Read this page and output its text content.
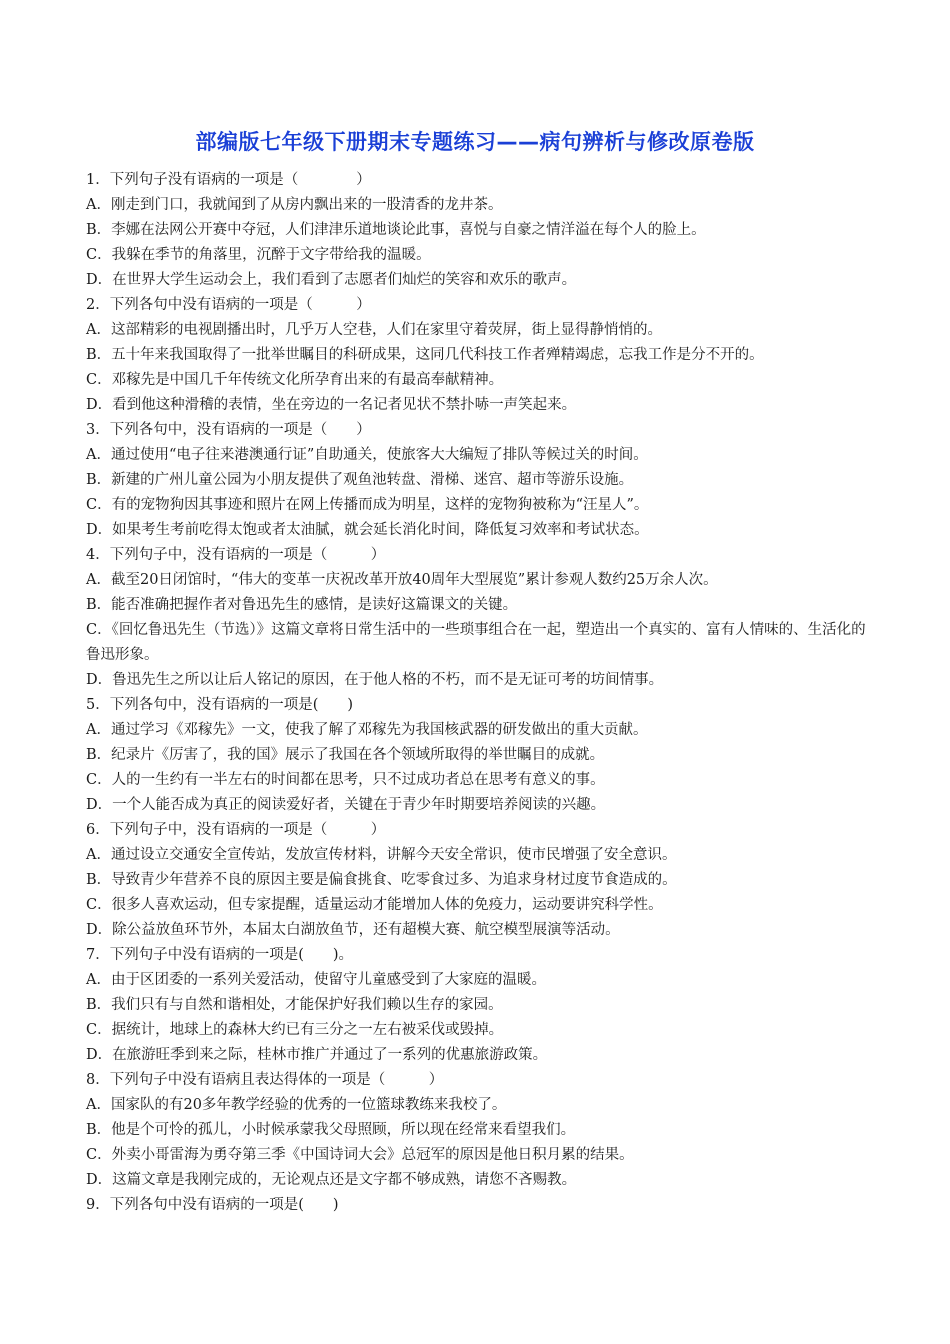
部编版七年级下册期末专题练习——病句辨析与修改原卷版

1．下列句子没有语病的一项是（　　　　）

A．刚走到门口，我就闻到了从房内飘出来的一股清香的龙井茶。

B．李娜在法网公开赛中夺冠，人们津津乐道地谈论此事，喜悦与自豪之情洋溢在每个人的脸上。

C．我躲在季节的角落里，沉醉于文字带给我的温暖。

D．在世界大学生运动会上，我们看到了志愿者们灿烂的笑容和欢乐的歌声。

2．下列各句中没有语病的一项是（　　　）

A．这部精彩的电视剧播出时，几乎万人空巷，人们在家里守着荧屏，街上显得静悄悄的。

B．五十年来我国取得了一批举世瞩目的科研成果，这同几代科技工作者殚精竭虑，忘我工作是分不开的。

C．邓稼先是中国几千年传统文化所孕育出来的有最高奉献精神。

D．看到他这种滑稽的表情，坐在旁边的一名记者见状不禁扑哧一声笑起来。

3．下列各句中，没有语病的一项是（　　）

A．通过使用“电子往来港澳通行证”自助通关，使旅客大大编短了排队等候过关的时间。

B．新建的广州儿童公园为小朋友提供了观鱼池转盘、滑梯、迷宫、超市等游乐设施。

C．有的宠物狗因其事迹和照片在网上传播而成为明星，这样的宠物狗被称为“汪星人”。

D．如果考生考前吃得太饱或者太油腻，就会延长消化时间，降低复习效率和考试状态。

4．下列句子中，没有语病的一项是（　　　）

A．截至20日闭馆时，“伟大的变革一庆祝改革开放40周年大型展览”累计参观人数约25万余人次。

B．能否准确把握作者对鲁迅先生的感情，是读好这篇课文的关键。

C．《回忆鲁迅先生（节选）》这篇文章将日常生活中的一些琐事组合在一起，塑造出一个真实的、富有人情味的、生活化的鲁迅形象。

D．鲁迅先生之所以让后人铭记的原因，在于他人格的不朽，而不是无证可考的坊间情事。

5．下列各句中，没有语病的一项是(　　)

A．通过学习《邓稼先》一文，使我了解了邓稼先为我国核武器的研发做出的重大贡献。

B．纪录片《厉害了，我的国》展示了我国在各个领域所取得的举世瞩目的成就。

C．人的一生约有一半左右的时间都在思考，只不过成功者总在思考有意义的事。

D．一个人能否成为真正的阅读爱好者，关键在于青少年时期要培养阅读的兴趣。

6．下列句子中，没有语病的一项是（　　　）

A．通过设立交通安全宣传站，发放宣传材料，讲解今天安全常识，使市民增强了安全意识。

B．导致青少年营养不良的原因主要是偏食挑食、吃零食过多、为追求身材过度节食造成的。

C．很多人喜欢运动，但专家提醒，适量运动才能增加人体的免疫力，运动要讲究科学性。

D．除公益放鱼环节外，本届太白湖放鱼节，还有超模大赛、航空模型展演等活动。

7．下列句子中没有语病的一项是(　　)。

A．由于区团委的一系列关爱活动，使留守儿童感受到了大家庭的温暖。

B．我们只有与自然和谐相处，才能保护好我们赖以生存的家园。

C．据统计，地球上的森林大约已有三分之一左右被采伐或毁掉。

D．在旅游旺季到来之际，桂林市推广并通过了一系列的优惠旅游政策。

8．下列句子中没有语病且表达得体的一项是（　　　）

A．国家队的有20多年教学经验的优秀的一位篮球教练来我校了。

B．他是个可怜的孤儿，小时候承蒙我父母照顾，所以现在经常来看望我们。

C．外卖小哥雷海为勇夺第三季《中国诗词大会》总冠军的原因是他日积月累的结果。

D．这篇文章是我刚完成的，无论观点还是文字都不够成熟，请您不吝赐教。

9．下列各句中没有语病的一项是(　　)
